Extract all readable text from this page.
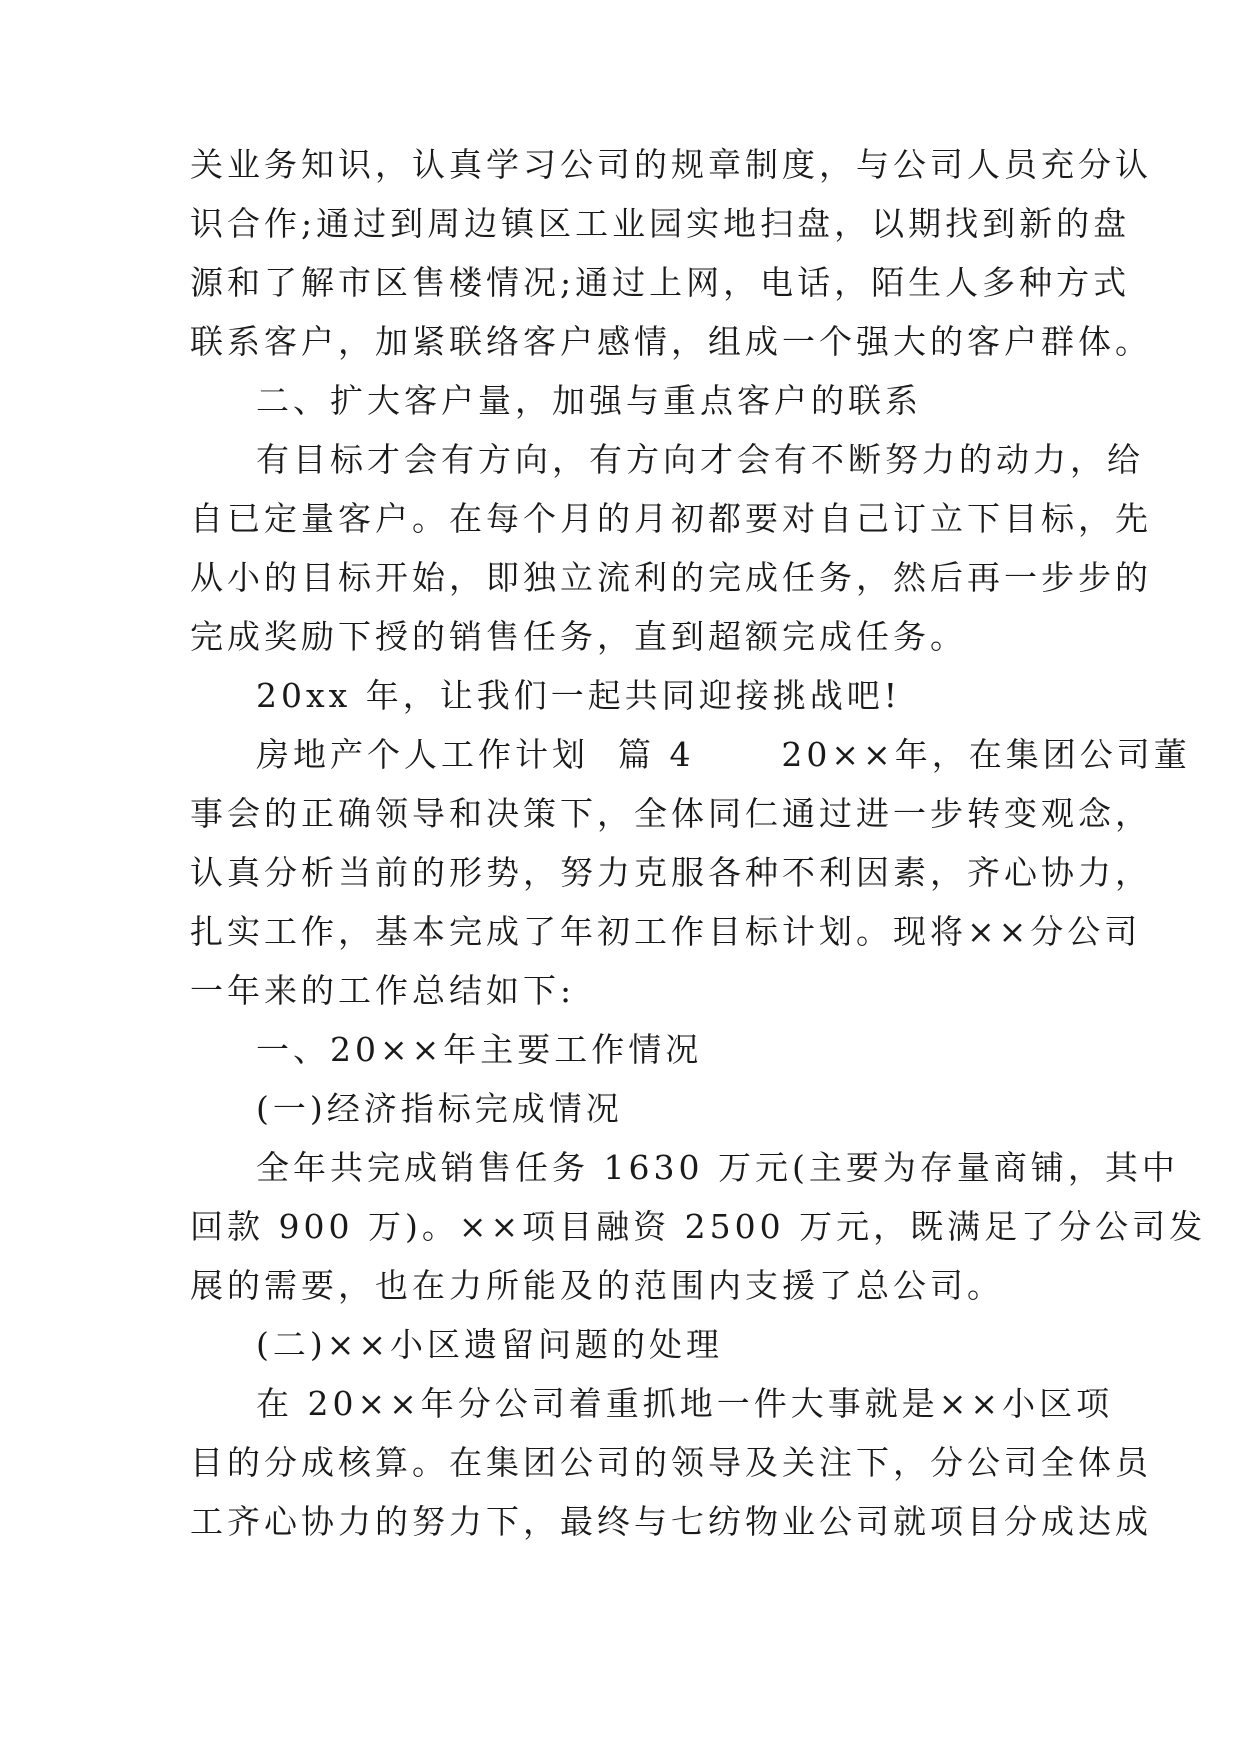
关业务知识，认真学习公司的规章制度，与公司人员充分认
识合作;通过到周边镇区工业园实地扫盘，以期找到新的盘
源和了解市区售楼情况;通过上网，电话，陌生人多种方式
联系客户，加紧联络客户感情，组成一个强大的客户群体。
二、扩大客户量，加强与重点客户的联系
有目标才会有方向，有方向才会有不断努力的动力，给
自已定量客户。在每个月的月初都要对自己订立下目标，先
从小的目标开始，即独立流利的完成任务，然后再一步步的
完成奖励下授的销售任务，直到超额完成任务。
20xx 年，让我们一起共同迎接挑战吧!
房地产个人工作计划  篇 4      20××年，在集团公司董
事会的正确领导和决策下，全体同仁通过进一步转变观念，
认真分析当前的形势，努力克服各种不利因素，齐心协力，
扎实工作，基本完成了年初工作目标计划。现将××分公司
一年来的工作总结如下:
一、20××年主要工作情况
(一)经济指标完成情况
全年共完成销售任务 1630 万元(主要为存量商铺，其中
回款 900 万)。××项目融资 2500 万元，既满足了分公司发
展的需要，也在力所能及的范围内支援了总公司。
(二)××小区遗留问题的处理
在 20××年分公司着重抓地一件大事就是××小区项
目的分成核算。在集团公司的领导及关注下，分公司全体员
工齐心协力的努力下，最终与七纺物业公司就项目分成达成
